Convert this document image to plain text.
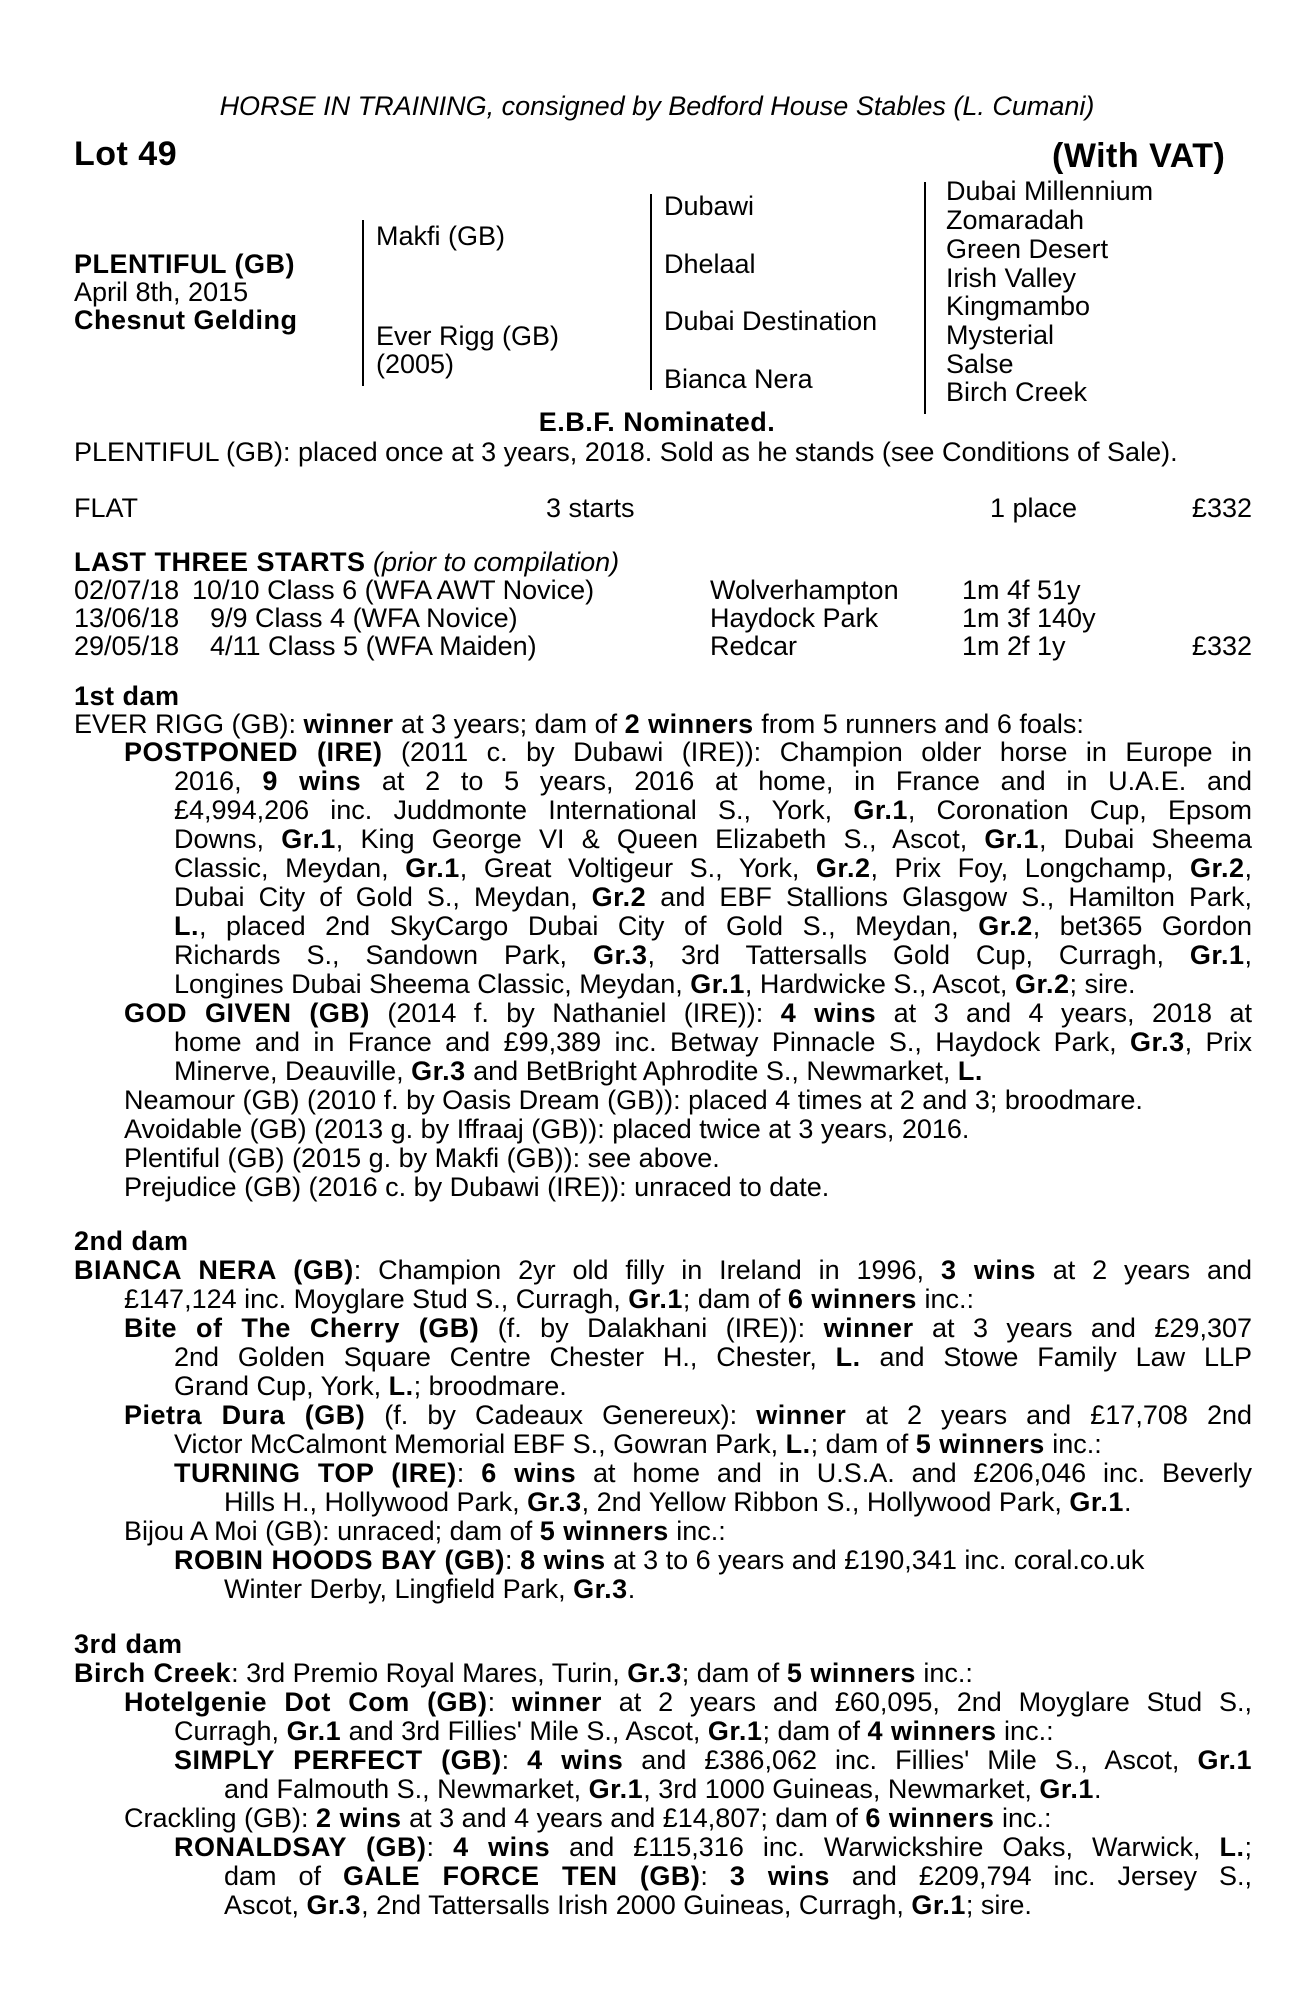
HORSE IN TRAINING, consigned by Bedford House Stables (L. Cumani)
Lot 49	(With VAT)
PLENTIFUL (GB)
April 8th, 2015
Chesnut Gelding
Makfi (GB)
Ever Rigg (GB)
(2005)
Dubawi
Dhelaal
Dubai Destination
Bianca Nera
Dubai Millennium
Zomaradah
Green Desert
Irish Valley
Kingmambo
Mysterial
Salse
Birch Creek
E.B.F. Nominated.
PLENTIFUL (GB): placed once at 3 years, 2018. Sold as he stands (see Conditions of Sale).
FLAT	3 starts	1 place	£332
LAST THREE STARTS (prior to compilation)
02/07/18 10/10 Class 6 (WFA AWT Novice)	Wolverhampton 1m 4f 51y
13/06/18 9/9 Class 4 (WFA Novice)	Haydock Park	1m 3f 140y
29/05/18 4/11 Class 5 (WFA Maiden)	Redcar	1m 2f 1y	£332
1st dam
EVER RIGG (GB): winner at 3 years; dam of 2 winners from 5 runners and 6 foals:
POSTPONED (IRE) (2011 c. by Dubawi (IRE)): Champion older horse in Europe in
2016, 9 wins at 2 to 5 years, 2016 at home, in France and in U.A.E. and
£4,994,206 inc. Juddmonte International S., York, Gr.1, Coronation Cup, Epsom
Downs, Gr.1, King George VI & Queen Elizabeth S., Ascot, Gr.1, Dubai Sheema
Classic, Meydan, Gr.1, Great Voltigeur S., York, Gr.2, Prix Foy, Longchamp, Gr.2,
Dubai City of Gold S., Meydan, Gr.2 and EBF Stallions Glasgow S., Hamilton Park,
L., placed 2nd SkyCargo Dubai City of Gold S., Meydan, Gr.2, bet365 Gordon
Richards S., Sandown Park, Gr.3, 3rd Tattersalls Gold Cup, Curragh, Gr.1,
Longines Dubai Sheema Classic, Meydan, Gr.1, Hardwicke S., Ascot, Gr.2; sire.
GOD GIVEN (GB) (2014 f. by Nathaniel (IRE)): 4 wins at 3 and 4 years, 2018 at
home and in France and £99,389 inc. Betway Pinnacle S., Haydock Park, Gr.3, Prix
Minerve, Deauville, Gr.3 and BetBright Aphrodite S., Newmarket, L.
Neamour (GB) (2010 f. by Oasis Dream (GB)): placed 4 times at 2 and 3; broodmare.
Avoidable (GB) (2013 g. by Iffraaj (GB)): placed twice at 3 years, 2016.
Plentiful (GB) (2015 g. by Makfi (GB)): see above.
Prejudice (GB) (2016 c. by Dubawi (IRE)): unraced to date.
2nd dam
BIANCA NERA (GB): Champion 2yr old filly in Ireland in 1996, 3 wins at 2 years and
£147,124 inc. Moyglare Stud S., Curragh, Gr.1; dam of 6 winners inc.:
Bite of The Cherry (GB) (f. by Dalakhani (IRE)): winner at 3 years and £29,307
2nd Golden Square Centre Chester H., Chester, L. and Stowe Family Law LLP
Grand Cup, York, L.; broodmare.
Pietra Dura (GB) (f. by Cadeaux Genereux): winner at 2 years and £17,708 2nd
Victor McCalmont Memorial EBF S., Gowran Park, L.; dam of 5 winners inc.:
TURNING TOP (IRE): 6 wins at home and in U.S.A. and £206,046 inc. Beverly
Hills H., Hollywood Park, Gr.3, 2nd Yellow Ribbon S., Hollywood Park, Gr.1.
Bijou A Moi (GB): unraced; dam of 5 winners inc.:
ROBIN HOODS BAY (GB): 8 wins at 3 to 6 years and £190,341 inc. coral.co.uk
Winter Derby, Lingfield Park, Gr.3.
3rd dam
Birch Creek: 3rd Premio Royal Mares, Turin, Gr.3; dam of 5 winners inc.:
Hotelgenie Dot Com (GB): winner at 2 years and £60,095, 2nd Moyglare Stud S.,
Curragh, Gr.1 and 3rd Fillies' Mile S., Ascot, Gr.1; dam of 4 winners inc.:
SIMPLY PERFECT (GB): 4 wins and £386,062 inc. Fillies' Mile S., Ascot, Gr.1
and Falmouth S., Newmarket, Gr.1, 3rd 1000 Guineas, Newmarket, Gr.1.
Crackling (GB): 2 wins at 3 and 4 years and £14,807; dam of 6 winners inc.:
RONALDSAY (GB): 4 wins and £115,316 inc. Warwickshire Oaks, Warwick, L.;
dam of GALE FORCE TEN (GB): 3 wins and £209,794 inc. Jersey S.,
Ascot, Gr.3, 2nd Tattersalls Irish 2000 Guineas, Curragh, Gr.1; sire.
